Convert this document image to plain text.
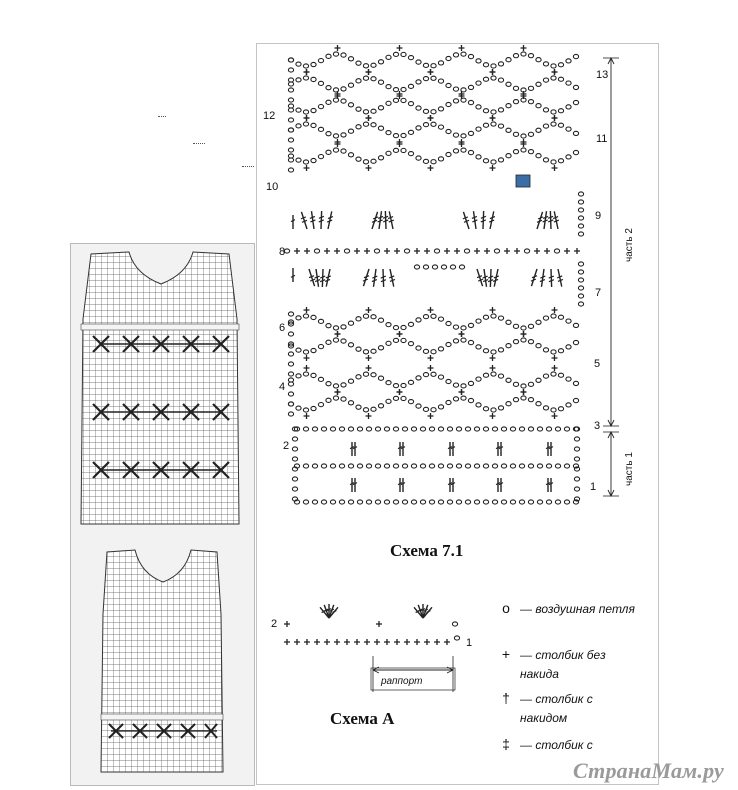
12
10
8
6
4
2
13
11
9
7
5
3
1
часть 2
часть 1
Схема 7.1
2
1
раппорт
Схема А
o — воздушная петля
+ — столбик без накида
† — столбик с накидом
‡ — столбик с
СтранаМам.ру
